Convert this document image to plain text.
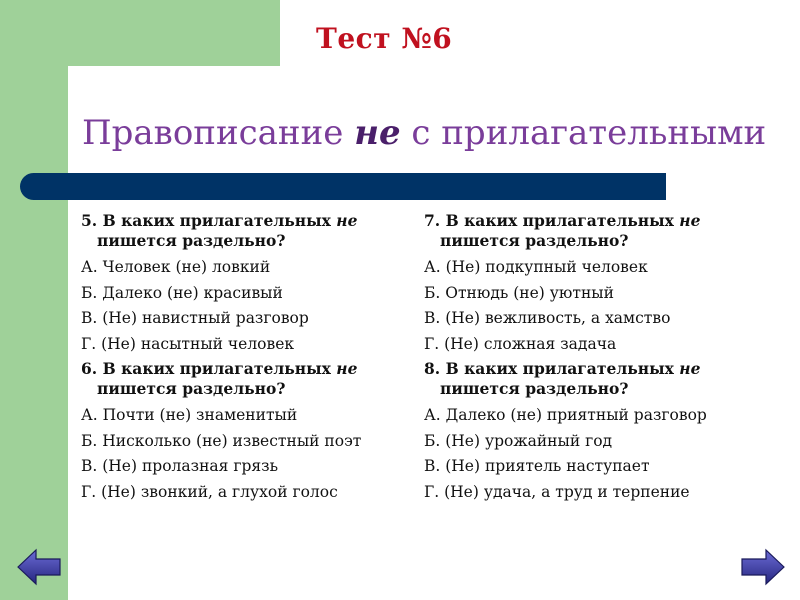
Тест №6
Правописание не с прилагательными
5. В каких прилагательных не пишется раздельно?
А. Человек (не) ловкий
Б. Далеко (не) красивый
В. (Не) навистный разговор
Г. (Не) насытный человек
6. В каких прилагательных не пишется раздельно?
А. Почти (не) знаменитый
Б. Нисколько (не) известный поэт
В. (Не) пролазная грязь
Г. (Не) звонкий, а глухой голос
7. В каких прилагательных не пишется раздельно?
А. (Не) подкупный человек
Б. Отнюдь (не) уютный
В. (Не) вежливость, а хамство
Г. (Не) сложная задача
8. В каких прилагательных не пишется раздельно?
А. Далеко (не) приятный разговор
Б. (Не) урожайный год
В. (Не) приятель наступает
Г. (Не) удача, а труд и терпение
